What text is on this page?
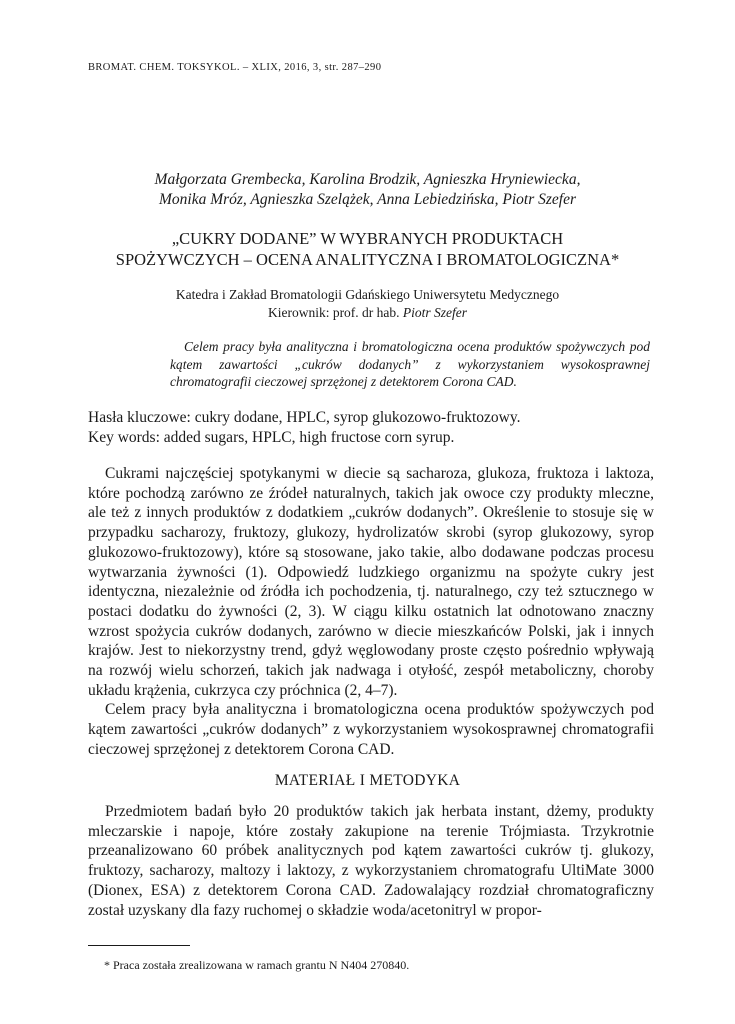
BROMAT. CHEM. TOKSYKOL. – XLIX, 2016, 3, str. 287–290
Małgorzata Grembecka, Karolina Brodzik, Agnieszka Hryniewiecka,
Monika Mróz, Agnieszka Szelążek, Anna Lebiedzińska, Piotr Szefer
„CUKRY DODANE” W WYBRANYCH PRODUKTACH
SPOŻYWCZYCH – OCENA ANALITYCZNA I BROMATOLOGICZNA*
Katedra i Zakład Bromatologii Gdańskiego Uniwersytetu Medycznego
Kierownik: prof. dr hab. Piotr Szefer
Celem pracy była analityczna i bromatologiczna ocena produktów spożywczych pod kątem zawartości „cukrów dodanych” z wykorzystaniem wysokosprawnej chromatografii cieczowej sprzężonej z detektorem Corona CAD.
Hasła kluczowe: cukry dodane, HPLC, syrop glukozowo-fruktozowy.
Key words: added sugars, HPLC, high fructose corn syrup.

Cukrami najczęściej spotykanymi w diecie są sacharoza, glukoza, fruktoza i laktoza, które pochodzą zarówno ze źródeł naturalnych, takich jak owoce czy produkty mleczne, ale też z innych produktów z dodatkiem „cukrów dodanych”. Określenie to stosuje się w przypadku sacharozy, fruktozy, glukozy, hydrolizatów skrobi (syrop glukozowy, syrop glukozowo-fruktozowy), które są stosowane, jako takie, albo dodawane podczas procesu wytwarzania żywności (1). Odpowiedź ludzkiego organizmu na spożyte cukry jest identyczna, niezależnie od źródła ich pochodzenia, tj. naturalnego, czy też sztucznego w postaci dodatku do żywności (2, 3). W ciągu kilku ostatnich lat odnotowano znaczny wzrost spożycia cukrów dodanych, zarówno w diecie mieszkańców Polski, jak i innych krajów. Jest to niekorzystny trend, gdyż węglowodany proste często pośrednio wpływają na rozwój wielu schorzeń, takich jak nadwaga i otyłość, zespół metaboliczny, choroby układu krążenia, cukrzyca czy próchnica (2, 4–7).

Celem pracy była analityczna i bromatologiczna ocena produktów spożywczych pod kątem zawartości „cukrów dodanych” z wykorzystaniem wysokosprawnej chromatografii cieczowej sprzężonej z detektorem Corona CAD.

MATERIAŁ I METODYKA

Przedmiotem badań było 20 produktów takich jak herbata instant, dżemy, produkty mleczarskie i napoje, które zostały zakupione na terenie Trójmiasta. Trzykrotnie przeanalizowano 60 próbek analitycznych pod kątem zawartości cukrów tj. glukozy, fruktozy, sacharozy, maltozy i laktozy, z wykorzystaniem chromatografu UltiMate 3000 (Dionex, ESA) z detektorem Corona CAD. Zadowalający rozdział chromatograficzny został uzyskany dla fazy ruchomej o składzie woda/acetonitryl w propor-

* Praca została zrealizowana w ramach grantu N N404 270840.
